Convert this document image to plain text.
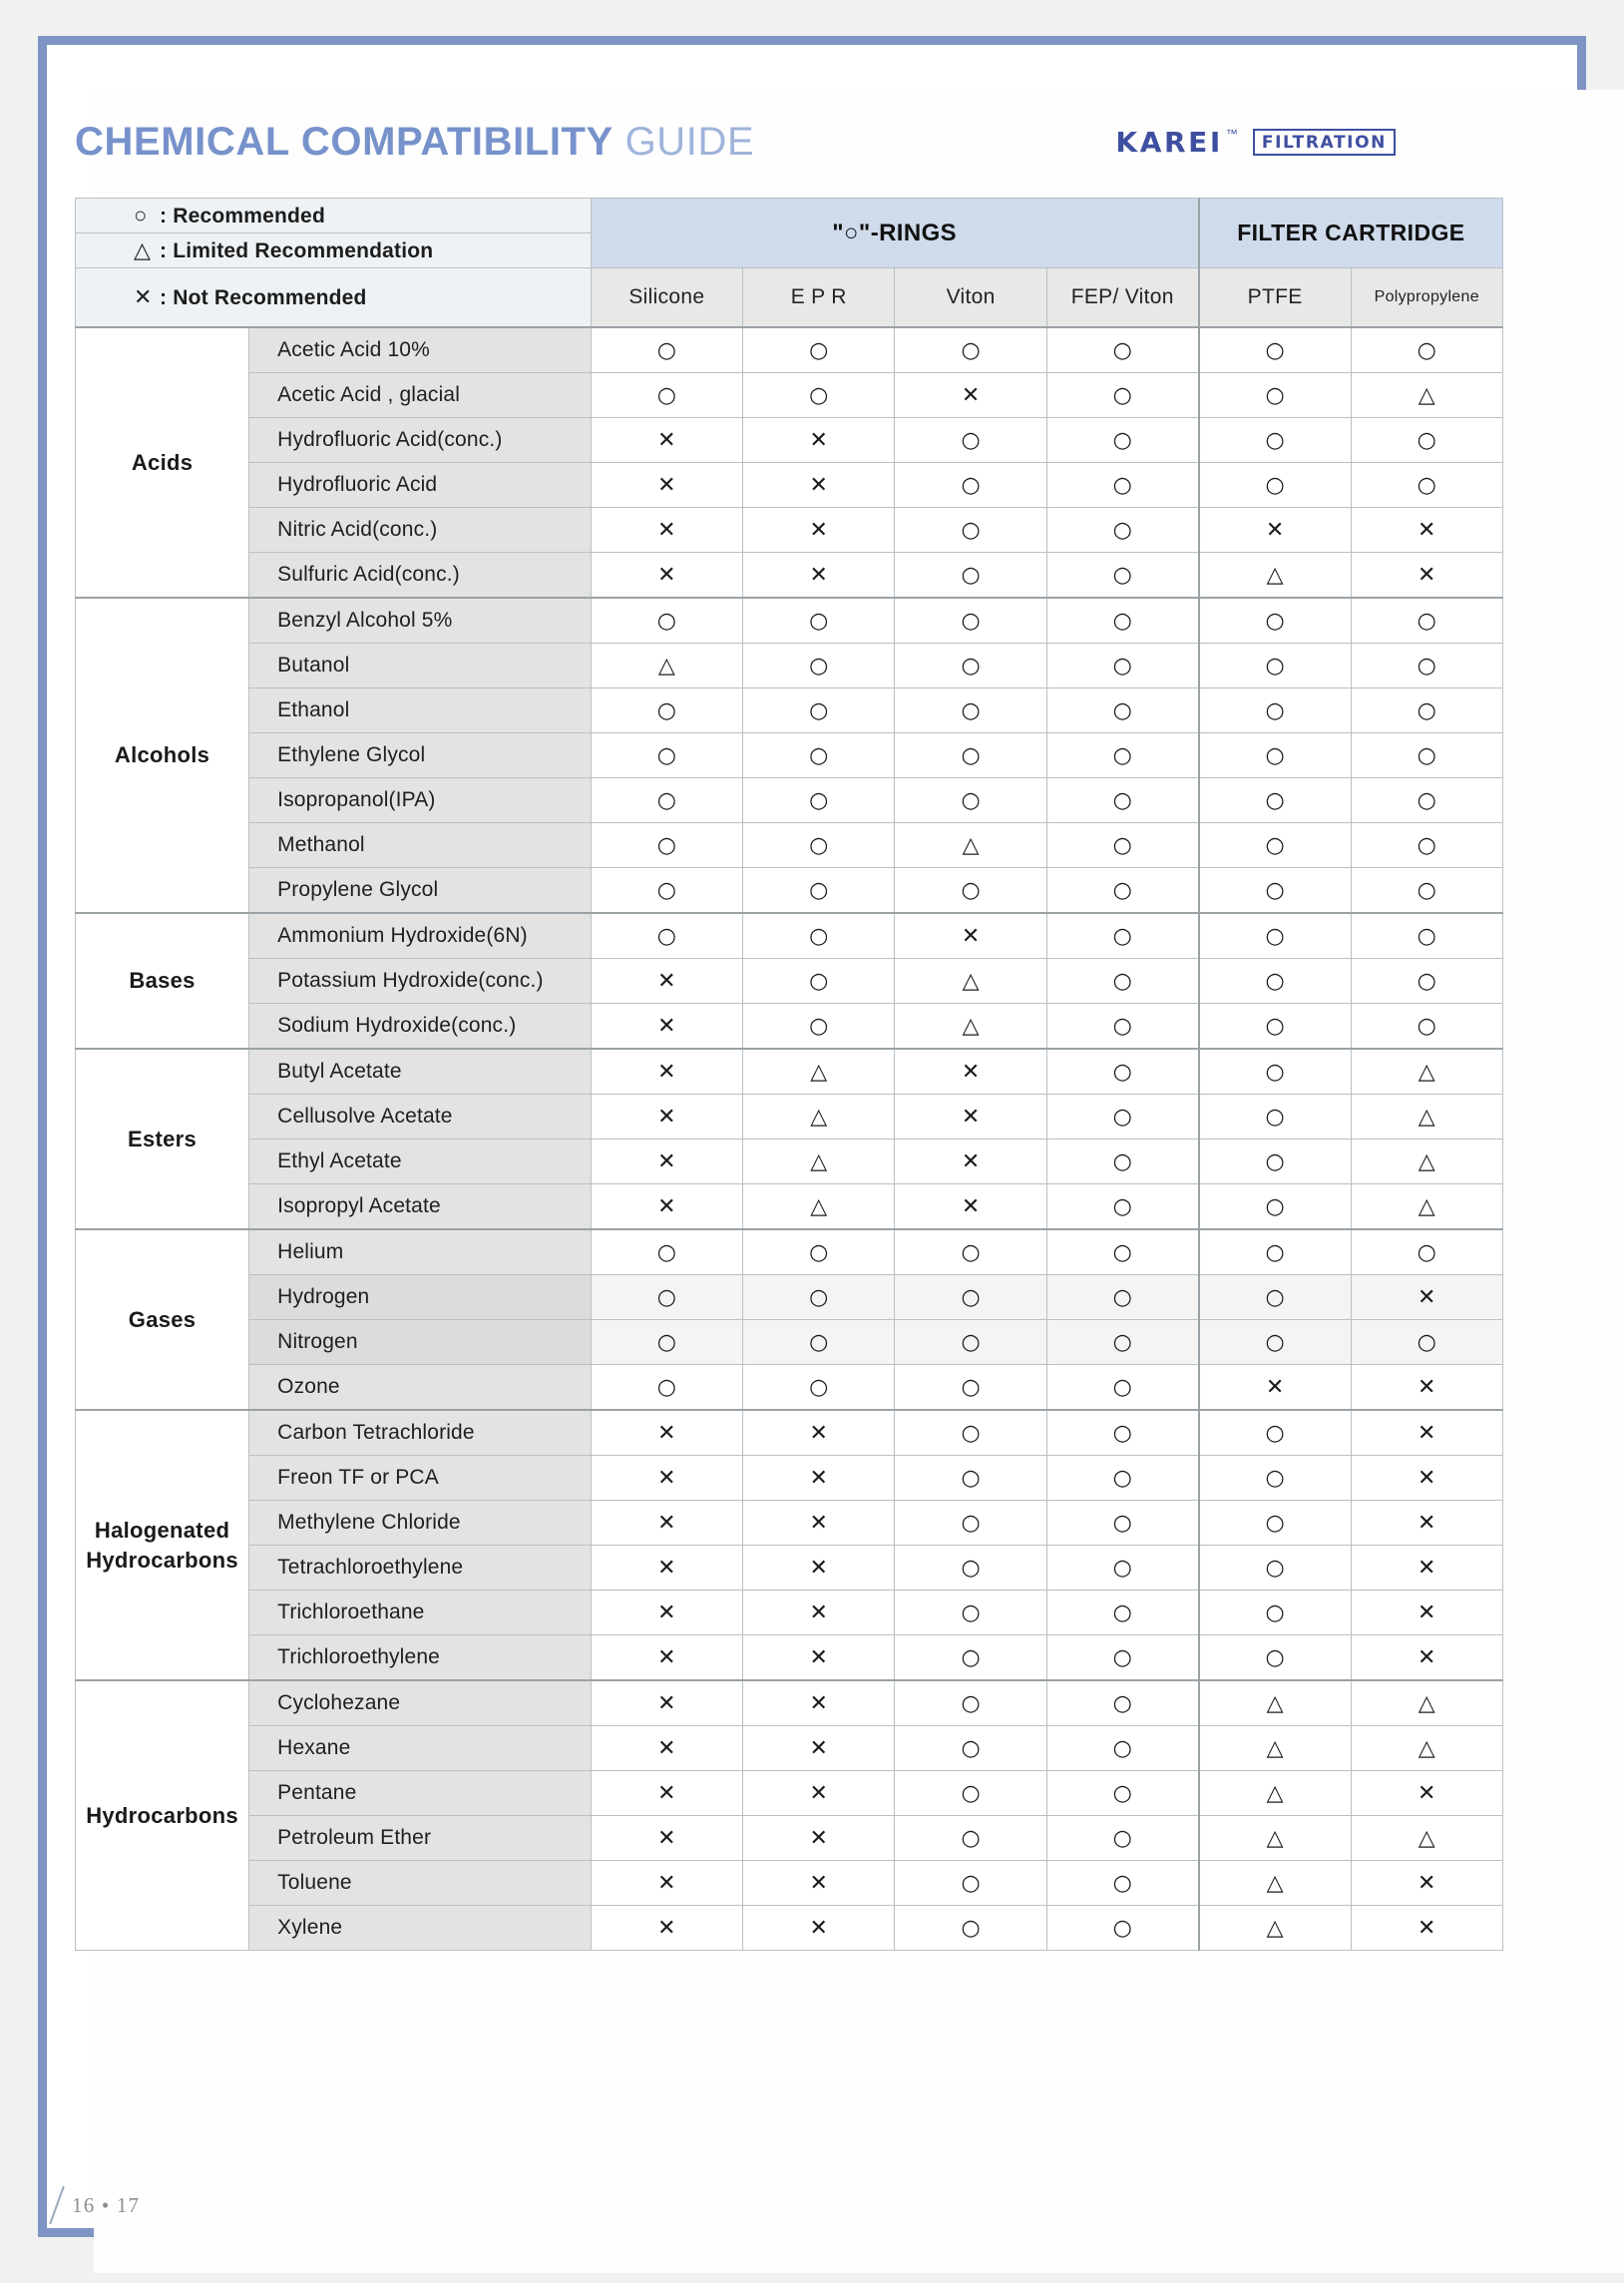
CHEMICAL COMPATIBILITY GUIDE	KAREI ™	FILTRATION
○ : Recommended		"○"-RINGS				FILTER CARTRIDGE	
△ : Limited Recommendation							
✕ : Not Recommended		Silicone	E P R	Viton	FEP/ Viton	PTFE	Polypropylene
Acids	Acetic Acid 10%	○	○	○	○	○	○
	Acetic Acid , glacial	○	○	✕	○	○	△
	Hydrofluoric Acid(conc.)	✕	✕	○	○	○	○
	Hydrofluoric Acid	✕	✕	○	○	○	○
	Nitric Acid(conc.)	✕	✕	○	○	✕	✕
	Sulfuric Acid(conc.)	✕	✕	○	○	△	✕
Alcohols	Benzyl Alcohol 5%	○	○	○	○	○	○
	Butanol	△	○	○	○	○	○
	Ethanol	○	○	○	○	○	○
	Ethylene Glycol	○	○	○	○	○	○
	Isopropanol(IPA)	○	○	○	○	○	○
	Methanol	○	○	△	○	○	○
	Propylene Glycol	○	○	○	○	○	○
Bases	Ammonium Hydroxide(6N)	○	○	✕	○	○	○
	Potassium Hydroxide(conc.)	✕	○	△	○	○	○
	Sodium Hydroxide(conc.)	✕	○	△	○	○	○
Esters	Butyl Acetate	✕	△	✕	○	○	△
	Cellusolve Acetate	✕	△	✕	○	○	△
	Ethyl Acetate	✕	△	✕	○	○	△
	Isopropyl Acetate	✕	△	✕	○	○	△
Gases	Helium	○	○	○	○	○	○
	Hydrogen	○	○	○	○	○	✕
	Nitrogen	○	○	○	○	○	○
	Ozone	○	○	○	○	✕	✕
Halogenated
Hydrocarbons	Carbon Tetrachloride	✕	✕	○	○	○	✕
	Freon TF or PCA	✕	✕	○	○	○	✕
	Methylene Chloride	✕	✕	○	○	○	✕
	Tetrachloroethylene	✕	✕	○	○	○	✕
	Trichloroethane	✕	✕	○	○	○	✕
	Trichloroethylene	✕	✕	○	○	○	✕
Hydrocarbons	Cyclohezane	✕	✕	○	○	△	△
	Hexane	✕	✕	○	○	△	△
	Pentane	✕	✕	○	○	△	✕
	Petroleum Ether	✕	✕	○	○	△	△
	Toluene	✕	✕	○	○	△	✕
	Xylene	✕	✕	○	○	△	✕
16 • 17
